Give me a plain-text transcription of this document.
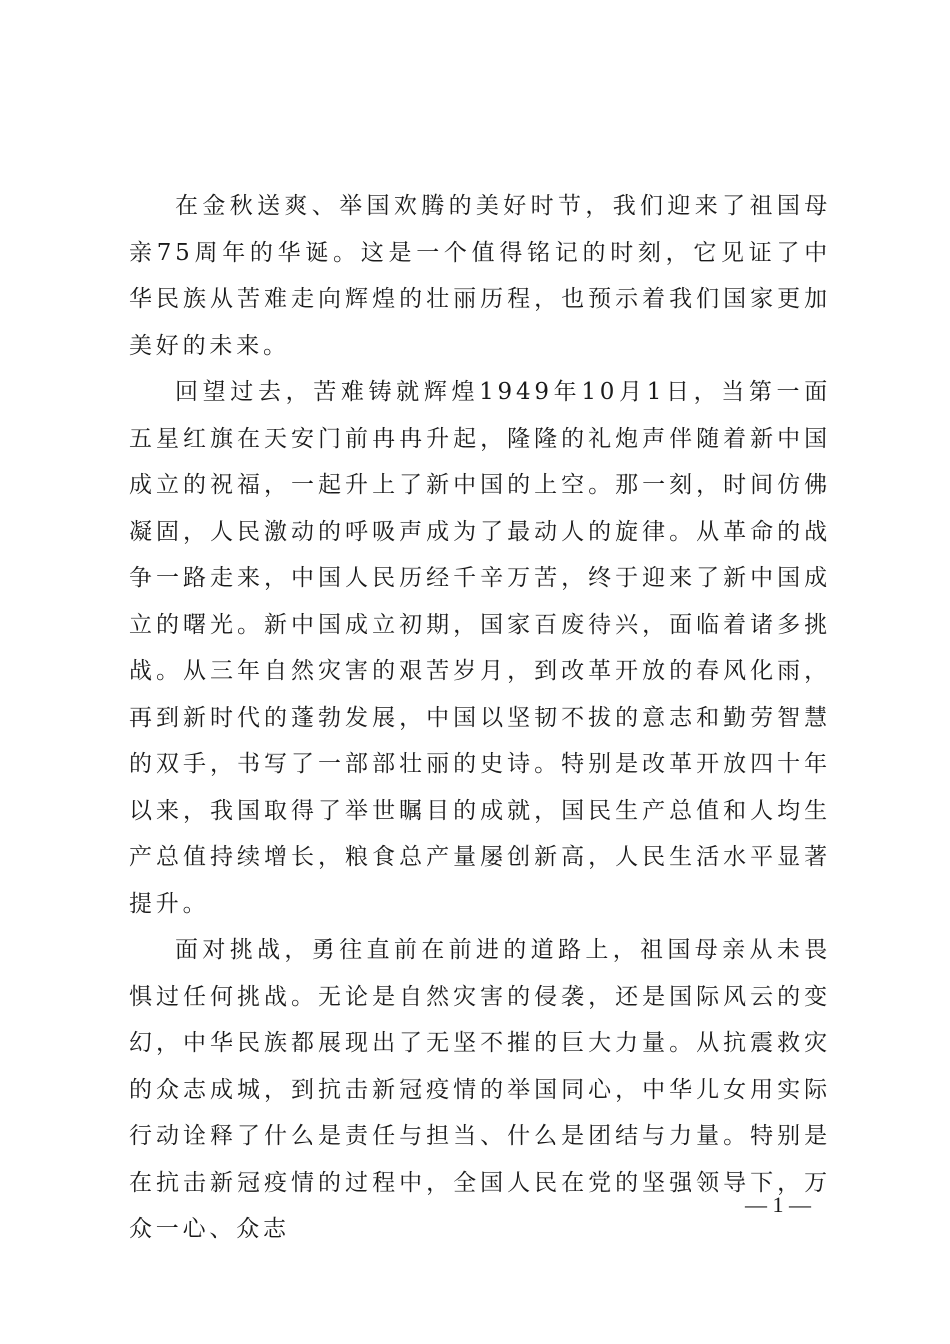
在金秋送爽、举国欢腾的美好时节，我们迎来了祖国母亲75周年的华诞。这是一个值得铭记的时刻，它见证了中华民族从苦难走向辉煌的壮丽历程，也预示着我们国家更加美好的未来。

回望过去，苦难铸就辉煌1949年10月1日，当第一面五星红旗在天安门前冉冉升起，隆隆的礼炮声伴随着新中国成立的祝福，一起升上了新中国的上空。那一刻，时间仿佛凝固，人民激动的呼吸声成为了最动人的旋律。从革命的战争一路走来，中国人民历经千辛万苦，终于迎来了新中国成立的曙光。新中国成立初期，国家百废待兴，面临着诸多挑战。从三年自然灾害的艰苦岁月，到改革开放的春风化雨，再到新时代的蓬勃发展，中国以坚韧不拔的意志和勤劳智慧的双手，书写了一部部壮丽的史诗。特别是改革开放四十年以来，我国取得了举世瞩目的成就，国民生产总值和人均生产总值持续增长，粮食总产量屡创新高，人民生活水平显著提升。

面对挑战，勇往直前在前进的道路上，祖国母亲从未畏惧过任何挑战。无论是自然灾害的侵袭，还是国际风云的变幻，中华民族都展现出了无坚不摧的巨大力量。从抗震救灾的众志成城，到抗击新冠疫情的举国同心，中华儿女用实际行动诠释了什么是责任与担当、什么是团结与力量。特别是在抗击新冠疫情的过程中，全国人民在党的坚强领导下，万众一心、众志

— 1 —
